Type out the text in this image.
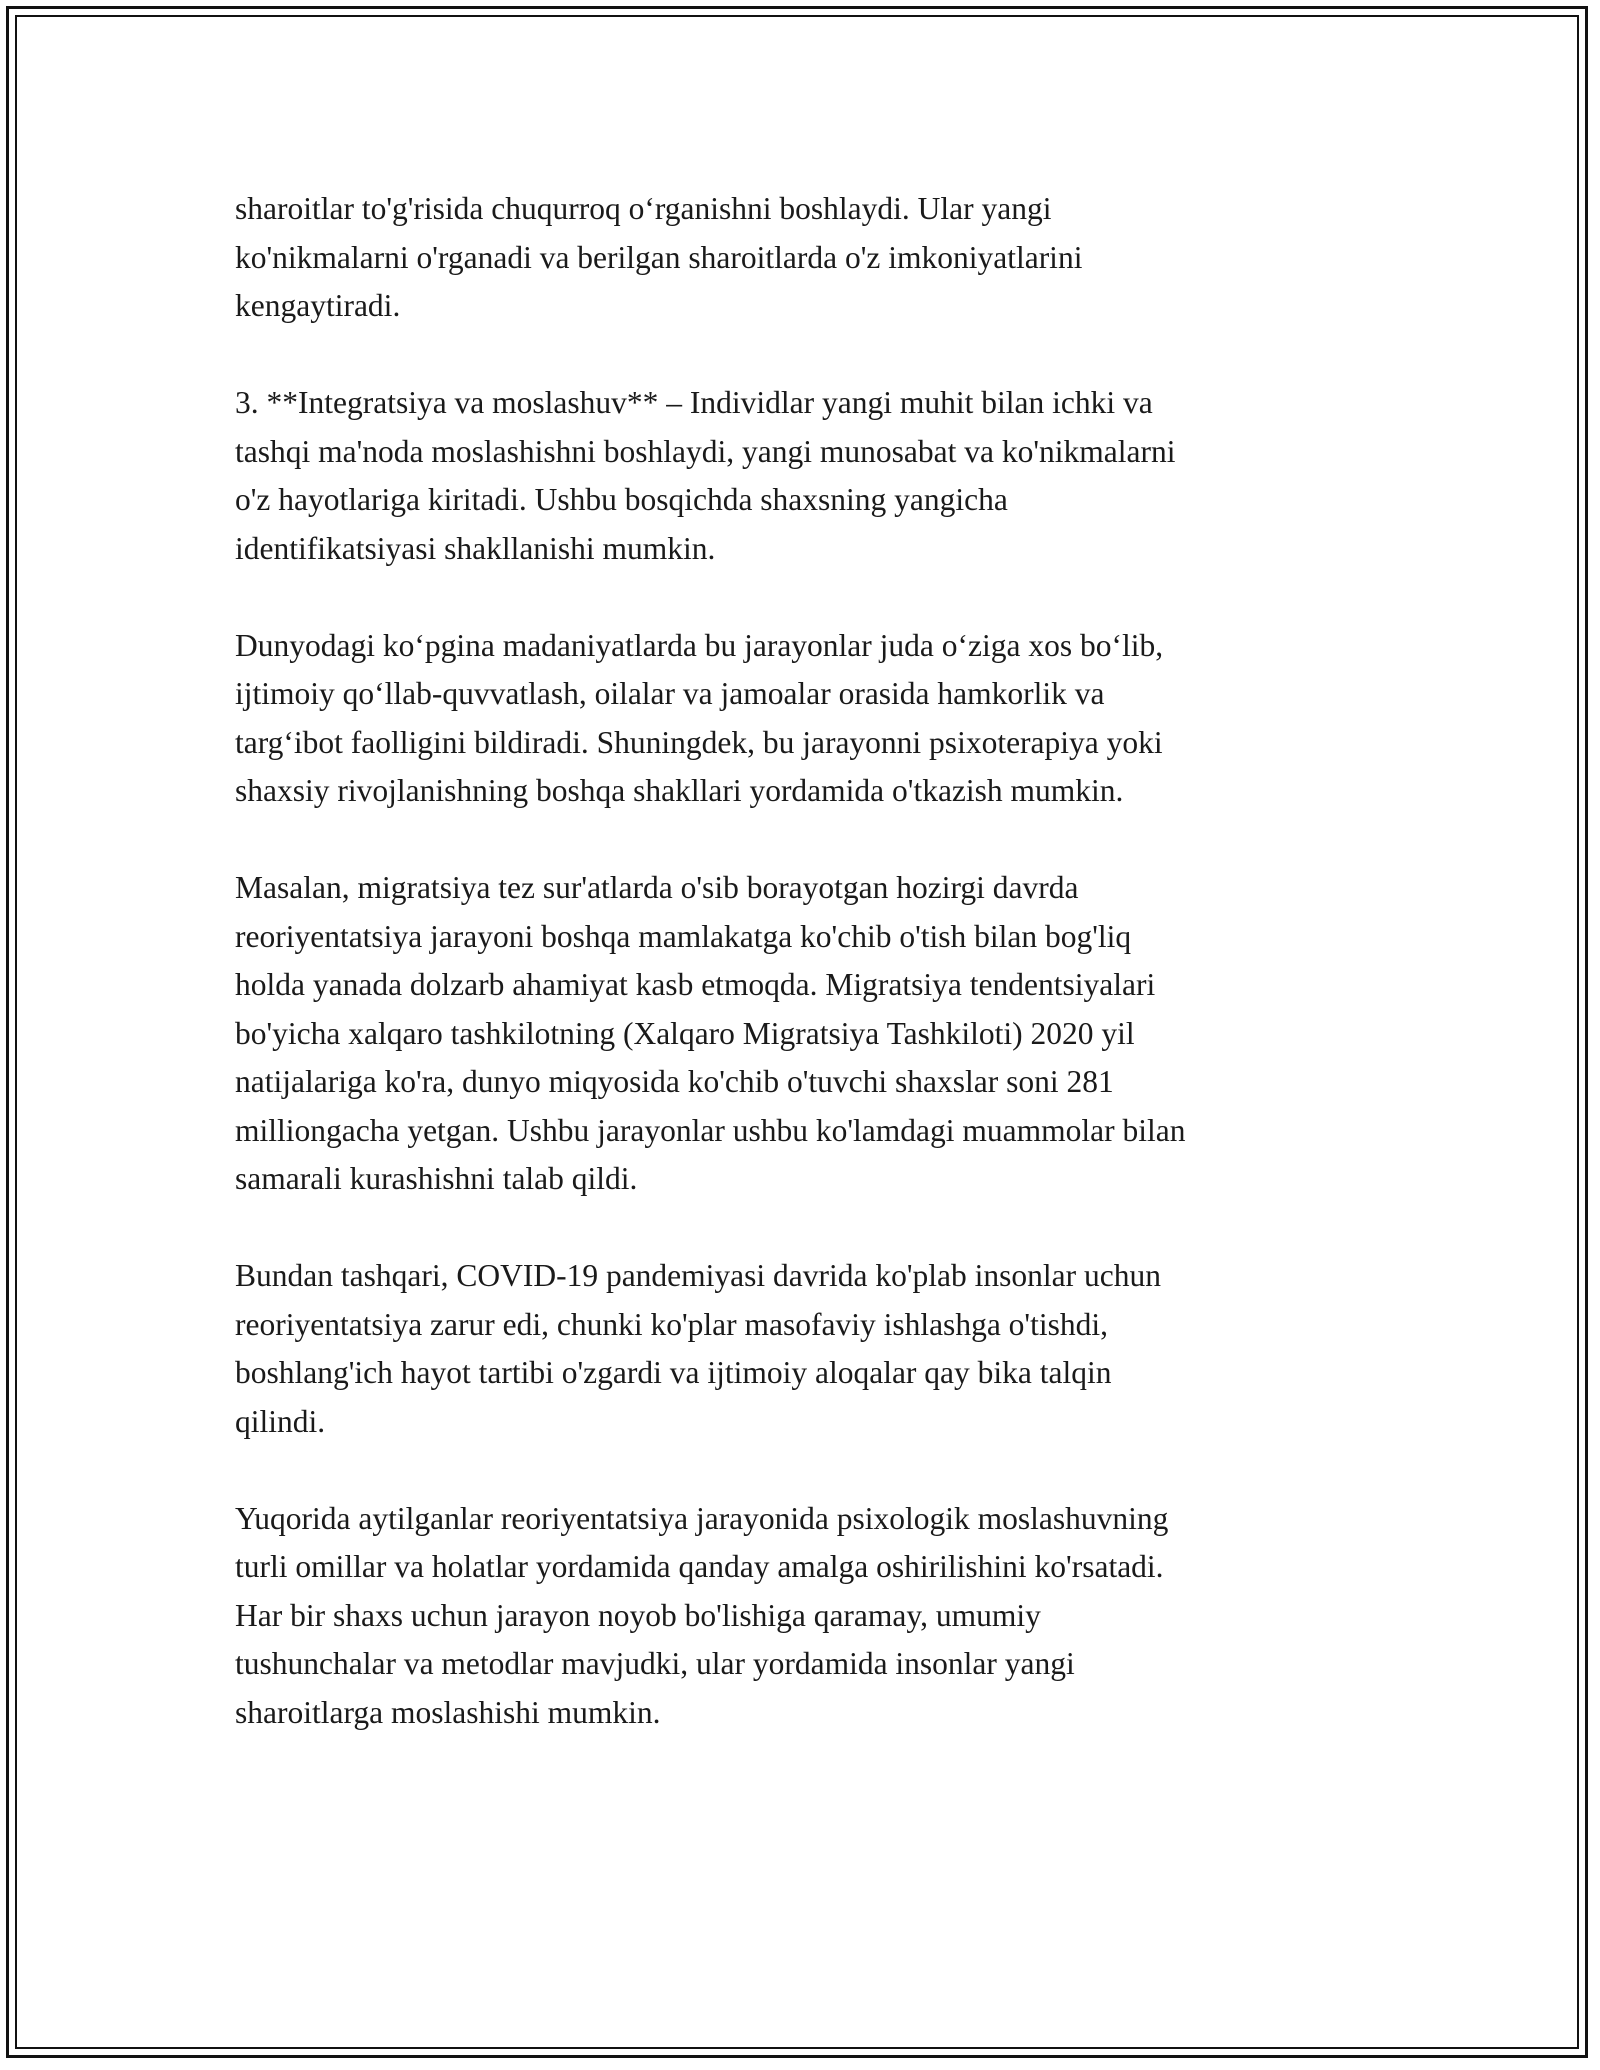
sharoitlar to'g'risida chuqurroq oʻrganishni boshlaydi. Ular yangi
ko'nikmalarni o'rganadi va berilgan sharoitlarda o'z imkoniyatlarini
kengaytiradi.

3. **Integratsiya va moslashuv** – Individlar yangi muhit bilan ichki va
tashqi ma'noda moslashishni boshlaydi, yangi munosabat va ko'nikmalarni
o'z hayotlariga kiritadi. Ushbu bosqichda shaxsning yangicha
identifikatsiyasi shakllanishi mumkin.

Dunyodagi koʻpgina madaniyatlarda bu jarayonlar juda oʻziga xos boʻlib,
ijtimoiy qoʻllab-quvvatlash, oilalar va jamoalar orasida hamkorlik va
targʻibot faolligini bildiradi. Shuningdek, bu jarayonni psixoterapiya yoki
shaxsiy rivojlanishning boshqa shakllari yordamida o'tkazish mumkin.

Masalan, migratsiya tez sur'atlarda o'sib borayotgan hozirgi davrda
reoriyentatsiya jarayoni boshqa mamlakatga ko'chib o'tish bilan bog'liq
holda yanada dolzarb ahamiyat kasb etmoqda. Migratsiya tendentsiyalari
bo'yicha xalqaro tashkilotning (Xalqaro Migratsiya Tashkiloti) 2020 yil
natijalariga ko'ra, dunyo miqyosida ko'chib o'tuvchi shaxslar soni 281
milliongacha yetgan. Ushbu jarayonlar ushbu ko'lamdagi muammolar bilan
samarali kurashishni talab qildi.

Bundan tashqari, COVID-19 pandemiyasi davrida ko'plab insonlar uchun
reoriyentatsiya zarur edi, chunki ko'plar masofaviy ishlashga o'tishdi,
boshlang'ich hayot tartibi o'zgardi va ijtimoiy aloqalar qay bika talqin
qilindi.

Yuqorida aytilganlar reoriyentatsiya jarayonida psixologik moslashuvning
turli omillar va holatlar yordamida qanday amalga oshirilishini ko'rsatadi.
Har bir shaxs uchun jarayon noyob bo'lishiga qaramay, umumiy
tushunchalar va metodlar mavjudki, ular yordamida insonlar yangi
sharoitlarga moslashishi mumkin.
